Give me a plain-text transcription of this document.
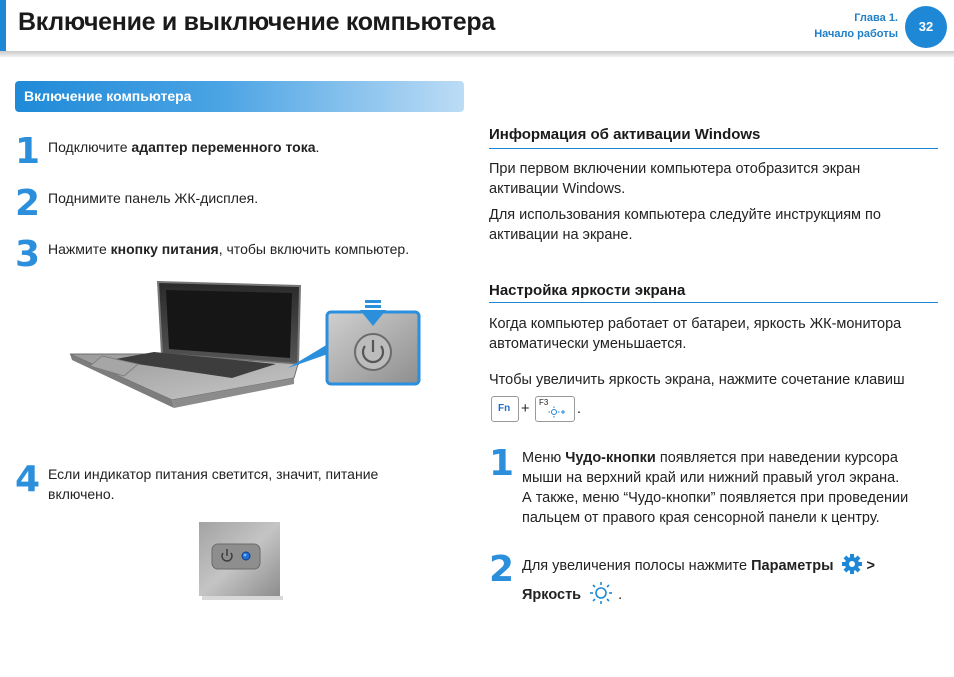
Включение и выключение компьютера	Глава 1.
Начало работы	32
Включение компьютера
1 Подключите адаптер переменного тока.
2 Поднимите панель ЖК-дисплея.
3 Нажмите кнопку питания, чтобы включить компьютер.
4 Если индикатор питания светится, значит, питание
включено.
Информация об активации Windows
При первом включении компьютера отобразится экран
активации Windows.
Для использования компьютера следуйте инструкциям по
активации на экране.
Настройка яркости экрана
Когда компьютер работает от батареи, яркость ЖК-монитора
автоматически уменьшается.
Чтобы увеличить яркость экрана, нажмите сочетание клавиш
Fn + F3 .
1 Меню Чудо-кнопки появляется при наведении курсора
мыши на верхний край или нижний правый угол экрана.
А также, меню “Чудо-кнопки” появляется при проведении
пальцем от правого края сенсорной панели к центру.
2 Для увеличения полосы нажмите Параметры >
Яркость	.
